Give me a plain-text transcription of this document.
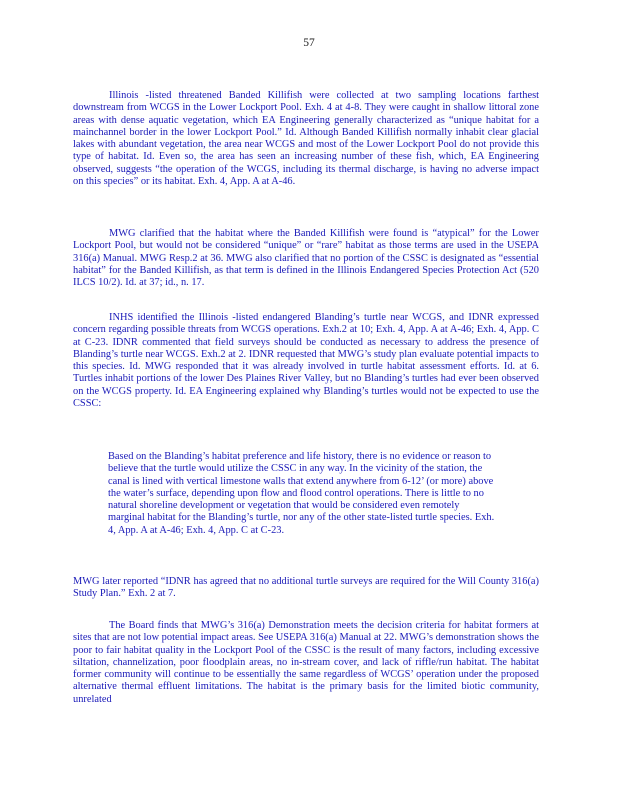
57

Illinois -listed threatened Banded Killifish were collected at two sampling locations farthest downstream from WCGS in the Lower Lockport Pool. Exh. 4 at 4-8. They were caught in shallow littoral zone areas with dense aquatic vegetation, which EA Engineering generally characterized as “unique habitat for a mainchannel border in the lower Lockport Pool.” Id. Although Banded Killifish normally inhabit clear glacial lakes with abundant vegetation, the area near WCGS and most of the Lower Lockport Pool do not provide this type of habitat. Id. Even so, the area has seen an increasing number of these fish, which, EA Engineering observed, suggests “the operation of the WCGS, including its thermal discharge, is having no adverse impact on this species” or its habitat. Exh. 4, App. A at A-46.

MWG clarified that the habitat where the Banded Killifish were found is “atypical” for the Lower Lockport Pool, but would not be considered “unique” or “rare” habitat as those terms are used in the USEPA 316(a) Manual. MWG Resp.2 at 36. MWG also clarified that no portion of the CSSC is designated as “essential habitat” for the Banded Killifish, as that term is defined in the Illinois Endangered Species Protection Act (520 ILCS 10/2). Id. at 37; id., n. 17.

INHS identified the Illinois -listed endangered Blanding’s turtle near WCGS, and IDNR expressed concern regarding possible threats from WCGS operations. Exh.2 at 10; Exh. 4, App. A at A-46; Exh. 4, App. C at C-23. IDNR commented that field surveys should be conducted as necessary to address the presence of Blanding’s turtle near WCGS. Exh.2 at 2. IDNR requested that MWG’s study plan evaluate potential impacts to this species. Id. MWG responded that it was already involved in turtle habitat assessment efforts. Id. at 6. Turtles inhabit portions of the lower Des Plaines River Valley, but no Blanding’s turtles had ever been observed on the WCGS property. Id. EA Engineering explained why Blanding’s turtles would not be expected to use the CSSC:

Based on the Blanding’s habitat preference and life history, there is no evidence or reason to believe that the turtle would utilize the CSSC in any way. In the vicinity of the station, the canal is lined with vertical limestone walls that extend anywhere from 6-12’ (or more) above the water’s surface, depending upon flow and flood control operations. There is little to no natural shoreline development or vegetation that would be considered even remotely marginal habitat for the Blanding’s turtle, nor any of the other state-listed turtle species. Exh. 4, App. A at A-46; Exh. 4, App. C at C-23.

MWG later reported “IDNR has agreed that no additional turtle surveys are required for the Will County 316(a) Study Plan.” Exh. 2 at 7.

The Board finds that MWG’s 316(a) Demonstration meets the decision criteria for habitat formers at sites that are not low potential impact areas. See USEPA 316(a) Manual at 22. MWG’s demonstration shows the poor to fair habitat quality in the Lockport Pool of the CSSC is the result of many factors, including excessive siltation, channelization, poor floodplain areas, no in-stream cover, and lack of riffle/run habitat. The habitat former community will continue to be essentially the same regardless of WCGS’ operation under the proposed alternative thermal effluent limitations. The habitat is the primary basis for the limited biotic community, unrelated
